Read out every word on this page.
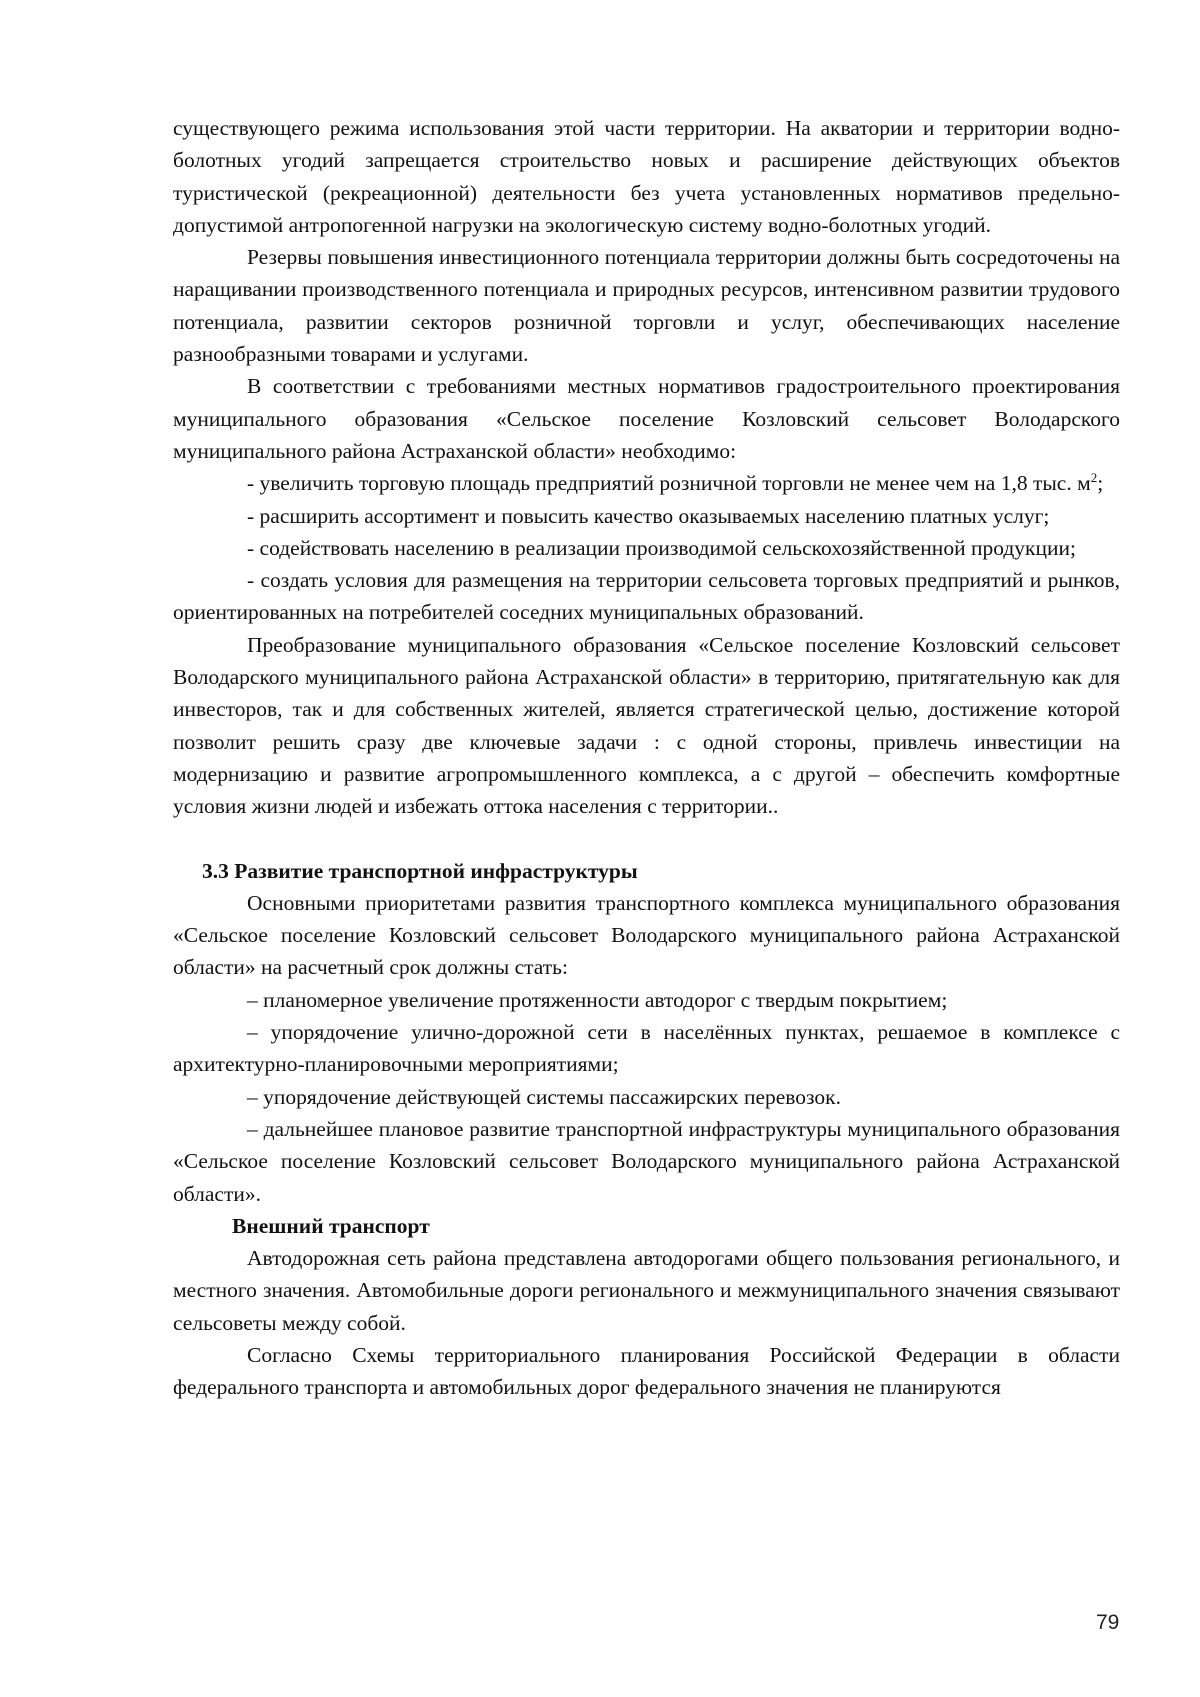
существующего режима использования этой части территории. На акватории и территории водно-болотных угодий запрещается строительство новых и расширение действующих объектов туристической (рекреационной) деятельности без учета установленных нормативов предельно-допустимой антропогенной нагрузки на экологическую систему водно-болотных угодий.

Резервы повышения инвестиционного потенциала территории должны быть сосредоточены на наращивании производственного потенциала и природных ресурсов, интенсивном развитии трудового потенциала, развитии секторов розничной торговли и услуг, обеспечивающих население разнообразными товарами и услугами.

В соответствии с требованиями местных нормативов градостроительного проектирования муниципального образования «Сельское поселение Козловский сельсовет Володарского муниципального района Астраханской области» необходимо:

- увеличить торговую площадь предприятий розничной торговли не менее чем на 1,8 тыс. $м^2$;

- расширить ассортимент и повысить качество оказываемых населению платных услуг;

- содействовать населению в реализации производимой сельскохозяйственной продукции;

- создать условия для размещения на территории сельсовета торговых предприятий и рынков, ориентированных на потребителей соседних муниципальных образований.

Преобразование муниципального образования «Сельское поселение Козловский сельсовет Володарского муниципального района Астраханской области» в территорию, притягательную как для инвесторов, так и для собственных жителей, является стратегической целью, достижение которой позволит решить сразу две ключевые задачи : с одной стороны, привлечь инвестиции на модернизацию и развитие агропромышленного комплекса, а с другой – обеспечить комфортные условия жизни людей и избежать оттока населения с территории..

3.3 Развитие транспортной инфраструктуры

Основными приоритетами развития транспортного комплекса муниципального образования «Сельское поселение Козловский сельсовет Володарского муниципального района Астраханской области» на расчетный срок должны стать:

– планомерное увеличение протяженности автодорог с твердым покрытием;

– упорядочение улично-дорожной сети в населённых пунктах, решаемое в комплексе с архитектурно-планировочными мероприятиями;

– упорядочение действующей системы пассажирских перевозок.

– дальнейшее плановое развитие транспортной инфраструктуры муниципального образования «Сельское поселение Козловский сельсовет Володарского муниципального района Астраханской области».

Внешний транспорт

Автодорожная сеть района представлена автодорогами общего пользования регионального, и местного значения. Автомобильные дороги регионального и межмуниципального значения связывают сельсоветы между собой.

Согласно Схемы территориального планирования Российской Федерации в области федерального транспорта и автомобильных дорог федерального значения не планируются

79
